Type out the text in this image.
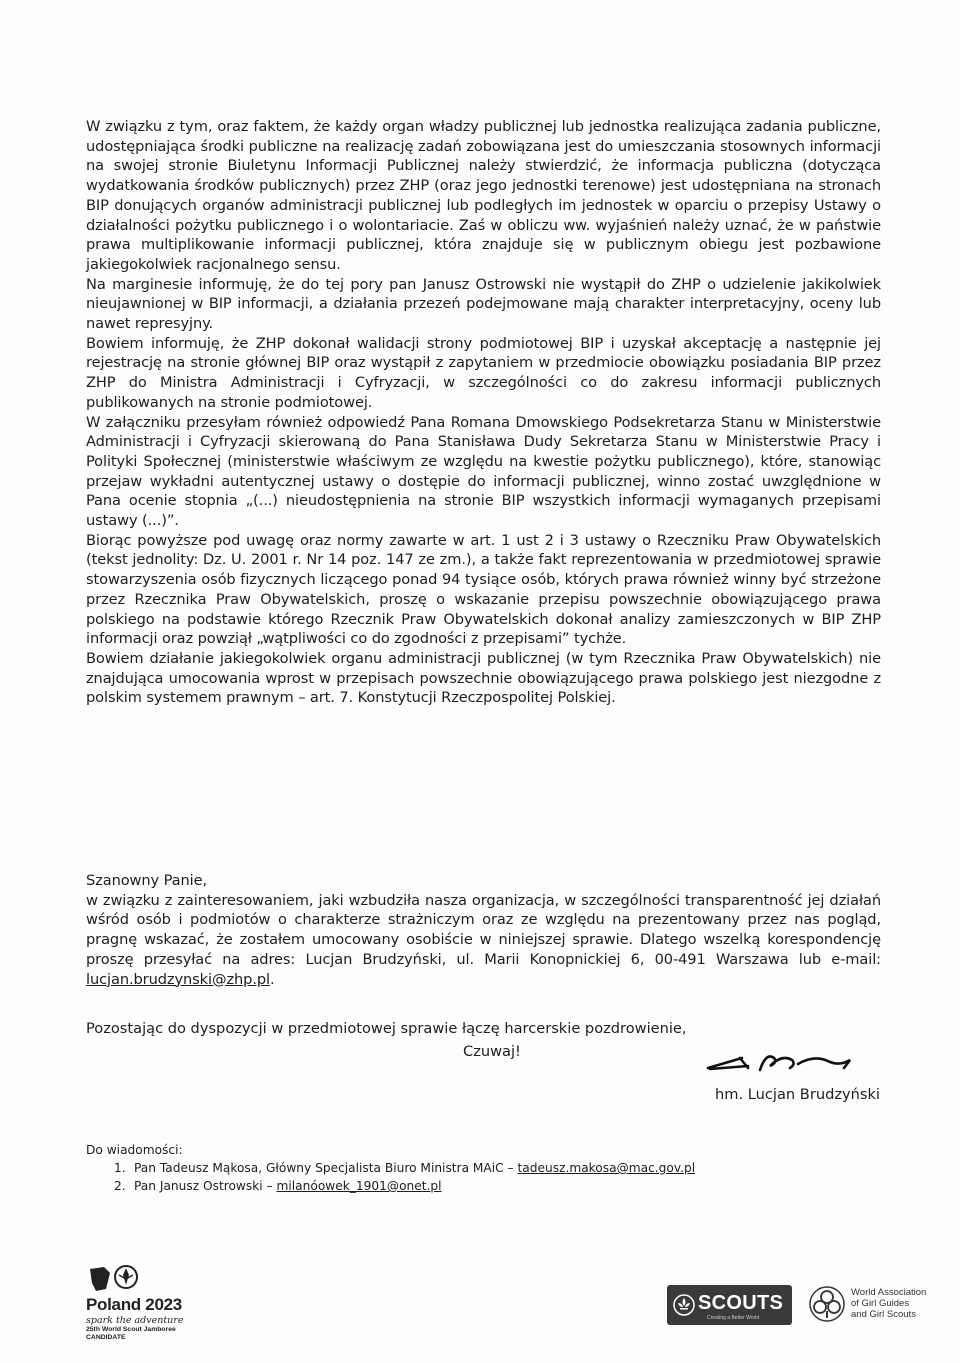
W związku z tym, oraz faktem, że każdy organ władzy publicznej lub jednostka realizująca zadania publiczne, udostępniająca środki publiczne na realizację zadań zobowiązana jest do umieszczania stosownych informacji na swojej stronie Biuletynu Informacji Publicznej należy stwierdzić, że informacja publiczna (dotycząca wydatkowania środków publicznych) przez ZHP (oraz jego jednostki terenowe) jest udostępniana na stronach BIP donujących organów administracji publicznej lub podległych im jednostek w oparciu o przepisy Ustawy o działalności pożytku publicznego i o wolontariacie. Zaś w obliczu ww. wyjaśnień należy uznać, że w państwie prawa multiplikowanie informacji publicznej, która znajduje się w publicznym obiegu jest pozbawione jakiegokolwiek racjonalnego sensu.

Na marginesie informuję, że do tej pory pan Janusz Ostrowski nie wystąpił do ZHP o udzielenie jakikolwiek nieujawnionej w BIP informacji, a działania przezeń podejmowane mają charakter interpretacyjny, oceny lub nawet represyjny.

Bowiem informuję, że ZHP dokonał walidacji strony podmiotowej BIP i uzyskał akceptację a następnie jej rejestrację na stronie głównej BIP oraz wystąpił z zapytaniem w przedmiocie obowiązku posiadania BIP przez ZHP do Ministra Administracji i Cyfryzacji, w szczególności co do zakresu informacji publicznych publikowanych na stronie podmiotowej.

W załączniku przesyłam również odpowiedź Pana Romana Dmowskiego Podsekretarza Stanu w Ministerstwie Administracji i Cyfryzacji skierowaną do Pana Stanisława Dudy Sekretarza Stanu w Ministerstwie Pracy i Polityki Społecznej (ministerstwie właściwym ze względu na kwestie pożytku publicznego), które, stanowiąc przejaw wykładni autentycznej ustawy o dostępie do informacji publicznej, winno zostać uwzględnione w Pana ocenie stopnia „(...) nieudostępnienia na stronie BIP wszystkich informacji wymaganych przepisami ustawy (...)”.

Biorąc powyższe pod uwagę oraz normy zawarte w art. 1 ust 2 i 3 ustawy o Rzeczniku Praw Obywatelskich (tekst jednolity: Dz. U. 2001 r. Nr 14 poz. 147 ze zm.), a także fakt reprezentowania w przedmiotowej sprawie stowarzyszenia osób fizycznych liczącego ponad 94 tysiące osób, których prawa również winny być strzeżone przez Rzecznika Praw Obywatelskich, proszę o wskazanie przepisu powszechnie obowiązującego prawa polskiego na podstawie którego Rzecznik Praw Obywatelskich dokonał analizy zamieszczonych w BIP ZHP informacji oraz powziął „wątpliwości co do zgodności z przepisami” tychże.

Bowiem działanie jakiegokolwiek organu administracji publicznej (w tym Rzecznika Praw Obywatelskich) nie znajdująca umocowania wprost w przepisach powszechnie obowiązującego prawa polskiego jest niezgodne z polskim systemem prawnym – art. 7. Konstytucji Rzeczpospolitej Polskiej.

Szanowny Panie,

w związku z zainteresowaniem, jaki wzbudziła nasza organizacja, w szczególności transparentność jej działań wśród osób i podmiotów o charakterze strażniczym oraz ze względu na prezentowany przez nas pogląd, pragnę wskazać, że zostałem umocowany osobiście w niniejszej sprawie. Dlatego wszelką korespondencję proszę przesyłać na adres: Lucjan Brudzyński, ul. Marii Konopnickiej 6, 00-491 Warszawa lub e-mail: lucjan.brudzynski@zhp.pl.

Pozostając do dyspozycji w przedmiotowej sprawie łączę harcerskie pozdrowienie,

Czuwaj!

hm. Lucjan Brudzyński

Do wiadomości:

1. Pan Tadeusz Mąkosa, Główny Specjalista Biuro Ministra MAiC – tadeusz.makosa@mac.gov.pl
2. Pan Janusz Ostrowski – milanóowek_1901@onet.pl
Poland 2023
spark the adventure
25th World Scout Jamboree
CANDIDATE
SCOUTS
Creating a Better World
World Association
of Girl Guides
and Girl Scouts
